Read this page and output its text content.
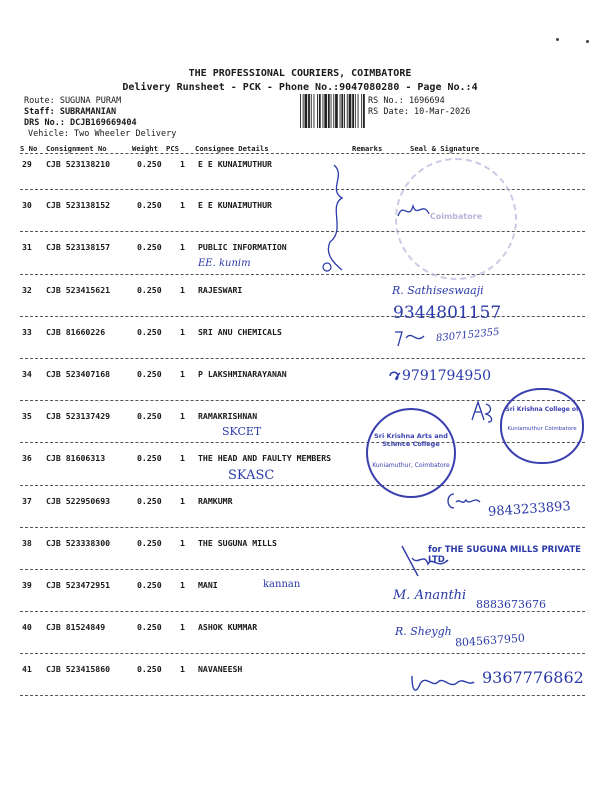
THE PROFESSIONAL COURIERS, COIMBATORE
Delivery Runsheet - PCK - Phone No.:9047080280 - Page No.:4
Route: SUGUNA PURAM
Staff: SUBRAMANIAN
DRS No.: DCJB169669404
Vehicle: Two Wheeler Delivery
RS No.: 1696694
RS Date: 10-Mar-2026
S No Consignment No	Weight PCS Consignee Details	Remarks	Seal & Signature
29 CJB 523138210	0.250 1 E E KUNAIMUTHUR
30 CJB 523138152	0.250 1 E E KUNAIMUTHUR
31 CJB 523138157	0.250 1 PUBLIC INFORMATION
32 CJB 523415621	0.250 1 RAJESWARI
33 CJB 81660226	0.250 1 SRI ANU CHEMICALS
34 CJB 523407168	0.250 1 P LAKSHMINARAYANAN
35 CJB 523137429	0.250 1 RAMAKRISHNAN
36 CJB 81606313	0.250 1 THE HEAD AND FAULTY MEMBERS
37 CJB 522950693	0.250 1 RAMKUMR
38 CJB 523338300	0.250 1 THE SUGUNA MILLS
39 CJB 523472951	0.250 1 MANI
40 CJB 81524849	0.250 1 ASHOK KUMMAR
41 CJB 523415860	0.250 1 NAVANEESH
EE. kunim
Coimbatore
R. Sathiseswaaji
9344801157
8307152355
9791794950
SKCET
SKASC
Sri Krishna Arts and Science College
Kuniamuthur, Coimbatore
Sri Krishna College of
Kuniamuthur Coimbatore
9843233893
for THE SUGUNA MILLS PRIVATE LTD.
kannan
M. Ananthi
8883673676
R. Sheygh
8045637950
9367776862
